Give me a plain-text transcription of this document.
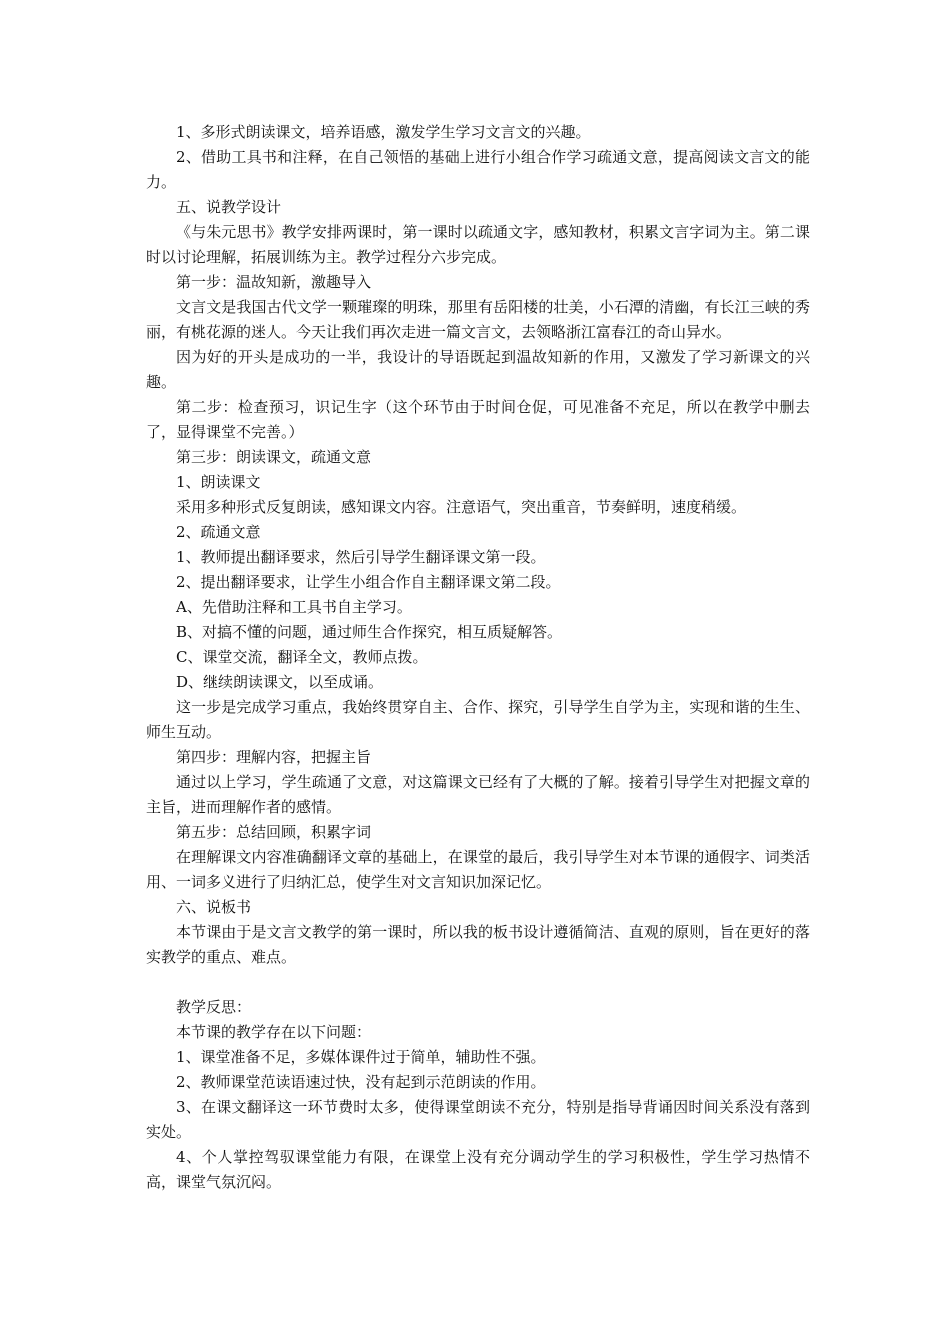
1、多形式朗读课文，培养语感，激发学生学习文言文的兴趣。

2、借助工具书和注释，在自己领悟的基础上进行小组合作学习疏通文意，提高阅读文言文的能力。

五、说教学设计

《与朱元思书》教学安排两课时，第一课时以疏通文字，感知教材，积累文言字词为主。第二课时以讨论理解，拓展训练为主。教学过程分六步完成。

第一步：温故知新，激趣导入

文言文是我国古代文学一颗璀璨的明珠，那里有岳阳楼的壮美，小石潭的清幽，有长江三峡的秀丽，有桃花源的迷人。今天让我们再次走进一篇文言文，去领略浙江富春江的奇山异水。

因为好的开头是成功的一半，我设计的导语既起到温故知新的作用，又激发了学习新课文的兴趣。

第二步：检查预习，识记生字（这个环节由于时间仓促，可见准备不充足，所以在教学中删去了，显得课堂不完善。）

第三步：朗读课文，疏通文意

1、朗读课文

采用多种形式反复朗读，感知课文内容。注意语气，突出重音，节奏鲜明，速度稍缓。

2、疏通文意

1、教师提出翻译要求，然后引导学生翻译课文第一段。

2、提出翻译要求，让学生小组合作自主翻译课文第二段。

A、先借助注释和工具书自主学习。

B、对搞不懂的问题，通过师生合作探究，相互质疑解答。

C、课堂交流，翻译全文，教师点拨。

D、继续朗读课文，以至成诵。

这一步是完成学习重点，我始终贯穿自主、合作、探究，引导学生自学为主，实现和谐的生生、师生互动。

第四步：理解内容，把握主旨

通过以上学习，学生疏通了文意，对这篇课文已经有了大概的了解。接着引导学生对把握文章的主旨，进而理解作者的感情。

第五步：总结回顾，积累字词

在理解课文内容准确翻译文章的基础上，在课堂的最后，我引导学生对本节课的通假字、词类活用、一词多义进行了归纳汇总，使学生对文言知识加深记忆。

六、说板书

本节课由于是文言文教学的第一课时，所以我的板书设计遵循简洁、直观的原则，旨在更好的落实教学的重点、难点。

教学反思：

本节课的教学存在以下问题：

1、课堂准备不足，多媒体课件过于简单，辅助性不强。

2、教师课堂范读语速过快，没有起到示范朗读的作用。

3、在课文翻译这一环节费时太多，使得课堂朗读不充分，特别是指导背诵因时间关系没有落到实处。

4、个人掌控驾驭课堂能力有限，在课堂上没有充分调动学生的学习积极性，学生学习热情不高，课堂气氛沉闷。
